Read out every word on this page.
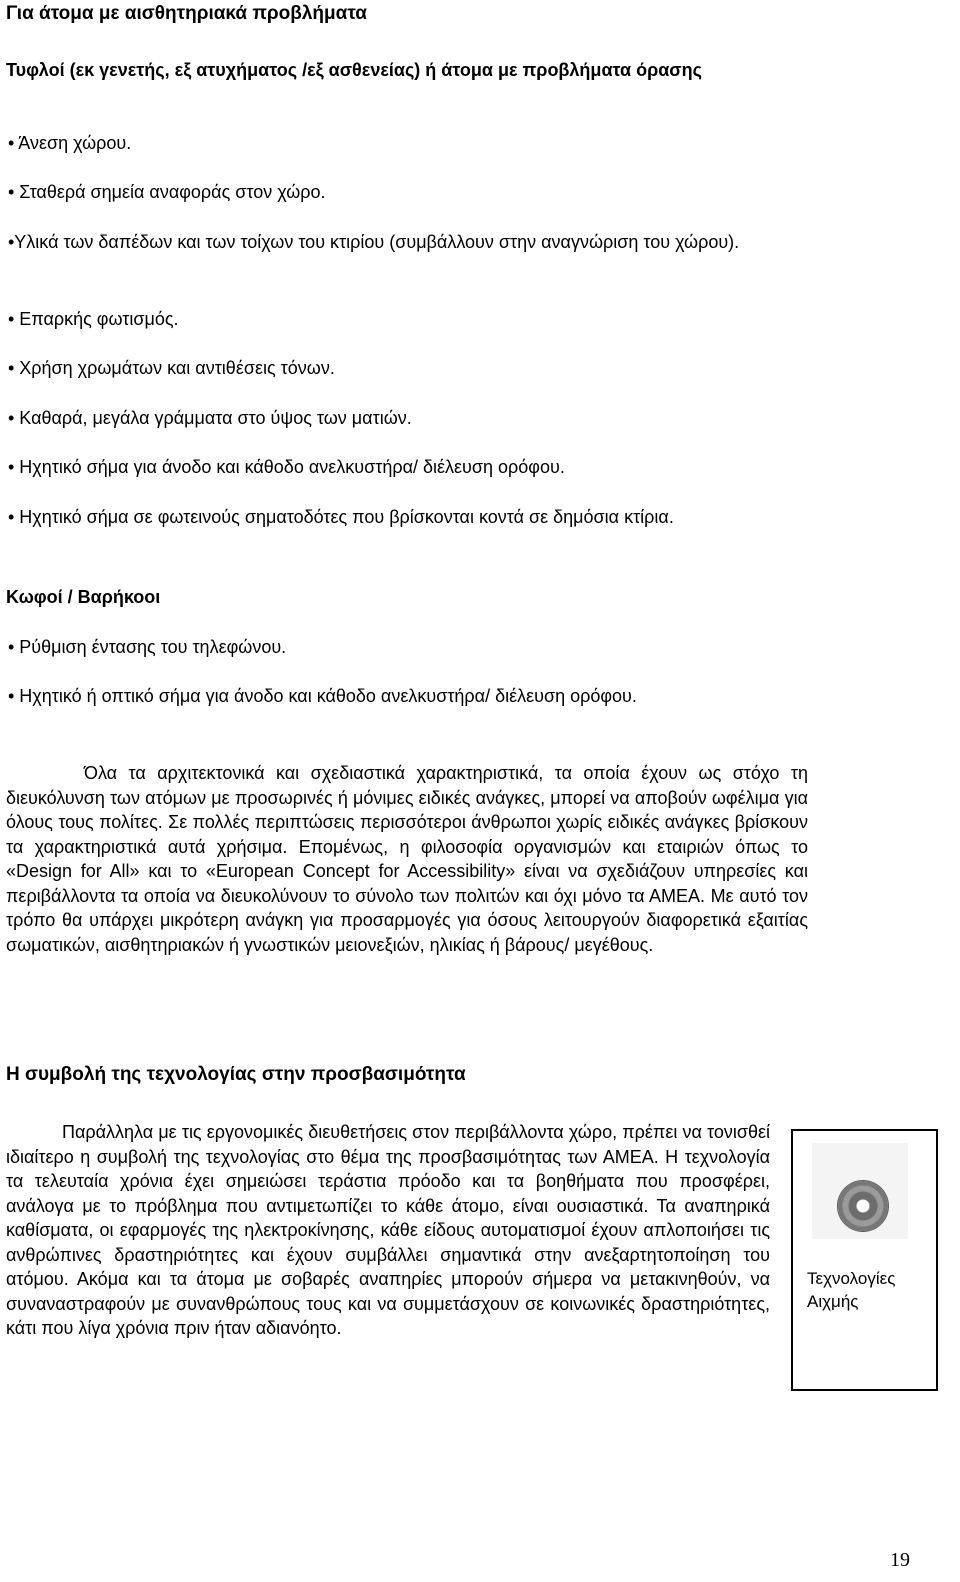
Για άτομα με αισθητηριακά προβλήματα

Τυφλοί (εκ γενετής, εξ ατυχήματος /εξ ασθενείας) ή άτομα με προβλήματα όρασης

• Άνεση χώρου.

• Σταθερά σημεία αναφοράς στον χώρο.

•Υλικά των δαπέδων και των τοίχων του κτιρίου (συμβάλλουν στην αναγνώριση του χώρου).

• Επαρκής φωτισμός.

• Χρήση χρωμάτων και αντιθέσεις τόνων.

• Καθαρά, μεγάλα γράμματα στο ύψος των ματιών.

• Ηχητικό σήμα για άνοδο και κάθοδο ανελκυστήρα/ διέλευση ορόφου.

• Ηχητικό σήμα σε φωτεινούς σηματοδότες που βρίσκονται κοντά σε δημόσια κτίρια.

Κωφοί / Βαρήκοοι

• Ρύθμιση έντασης του τηλεφώνου.

• Ηχητικό ή οπτικό σήμα για άνοδο και κάθοδο ανελκυστήρα/ διέλευση ορόφου.

Όλα τα αρχιτεκτονικά και σχεδιαστικά χαρακτηριστικά, τα οποία έχουν ως στόχο τη διευκόλυνση των ατόμων με προσωρινές ή μόνιμες ειδικές ανάγκες, μπορεί να αποβούν ωφέλιμα για όλους τους πολίτες. Σε πολλές περιπτώσεις περισσότεροι άνθρωποι χωρίς ειδικές ανάγκες βρίσκουν τα χαρακτηριστικά αυτά χρήσιμα. Επομένως, η φιλοσοφία οργανισμών και εταιριών όπως το «Design for All» και το «European Concept for Accessibility» είναι να σχεδιάζουν υπηρεσίες και περιβάλλοντα τα οποία να διευκολύνουν το σύνολο των πολιτών και όχι μόνο τα ΑΜΕΑ. Με αυτό τον τρόπο θα υπάρχει μικρότερη ανάγκη για προσαρμογές για όσους λειτουργούν διαφορετικά εξαιτίας σωματικών, αισθητηριακών ή γνωστικών μειονεξιών, ηλικίας ή βάρους/ μεγέθους.

Η συμβολή της τεχνολογίας στην προσβασιμότητα

Παράλληλα με τις εργονομικές διευθετήσεις στον περιβάλλοντα χώρο, πρέπει να τονισθεί ιδιαίτερο η συμβολή της τεχνολογίας στο θέμα της προσβασιμότητας των ΑΜΕΑ. Η τεχνολογία τα τελευταία χρόνια έχει σημειώσει τεράστια πρόοδο και τα βοηθήματα που προσφέρει, ανάλογα με το πρόβλημα που αντιμετωπίζει το κάθε άτομο, είναι ουσιαστικά. Τα αναπηρικά καθίσματα, οι εφαρμογές της ηλεκτροκίνησης, κάθε είδους αυτοματισμοί έχουν απλοποιήσει τις ανθρώπινες δραστηριότητες και έχουν συμβάλλει σημαντικά στην ανεξαρτητοποίηση του ατόμου. Ακόμα και τα άτομα με σοβαρές αναπηρίες μπορούν σήμερα να μετακινηθούν, να συναναστραφούν με συνανθρώπους τους και να συμμετάσχουν σε κοινωνικές δραστηριότητες, κάτι που λίγα χρόνια πριν ήταν αδιανόητο.

Τεχνολογίες Αιχμής

19
